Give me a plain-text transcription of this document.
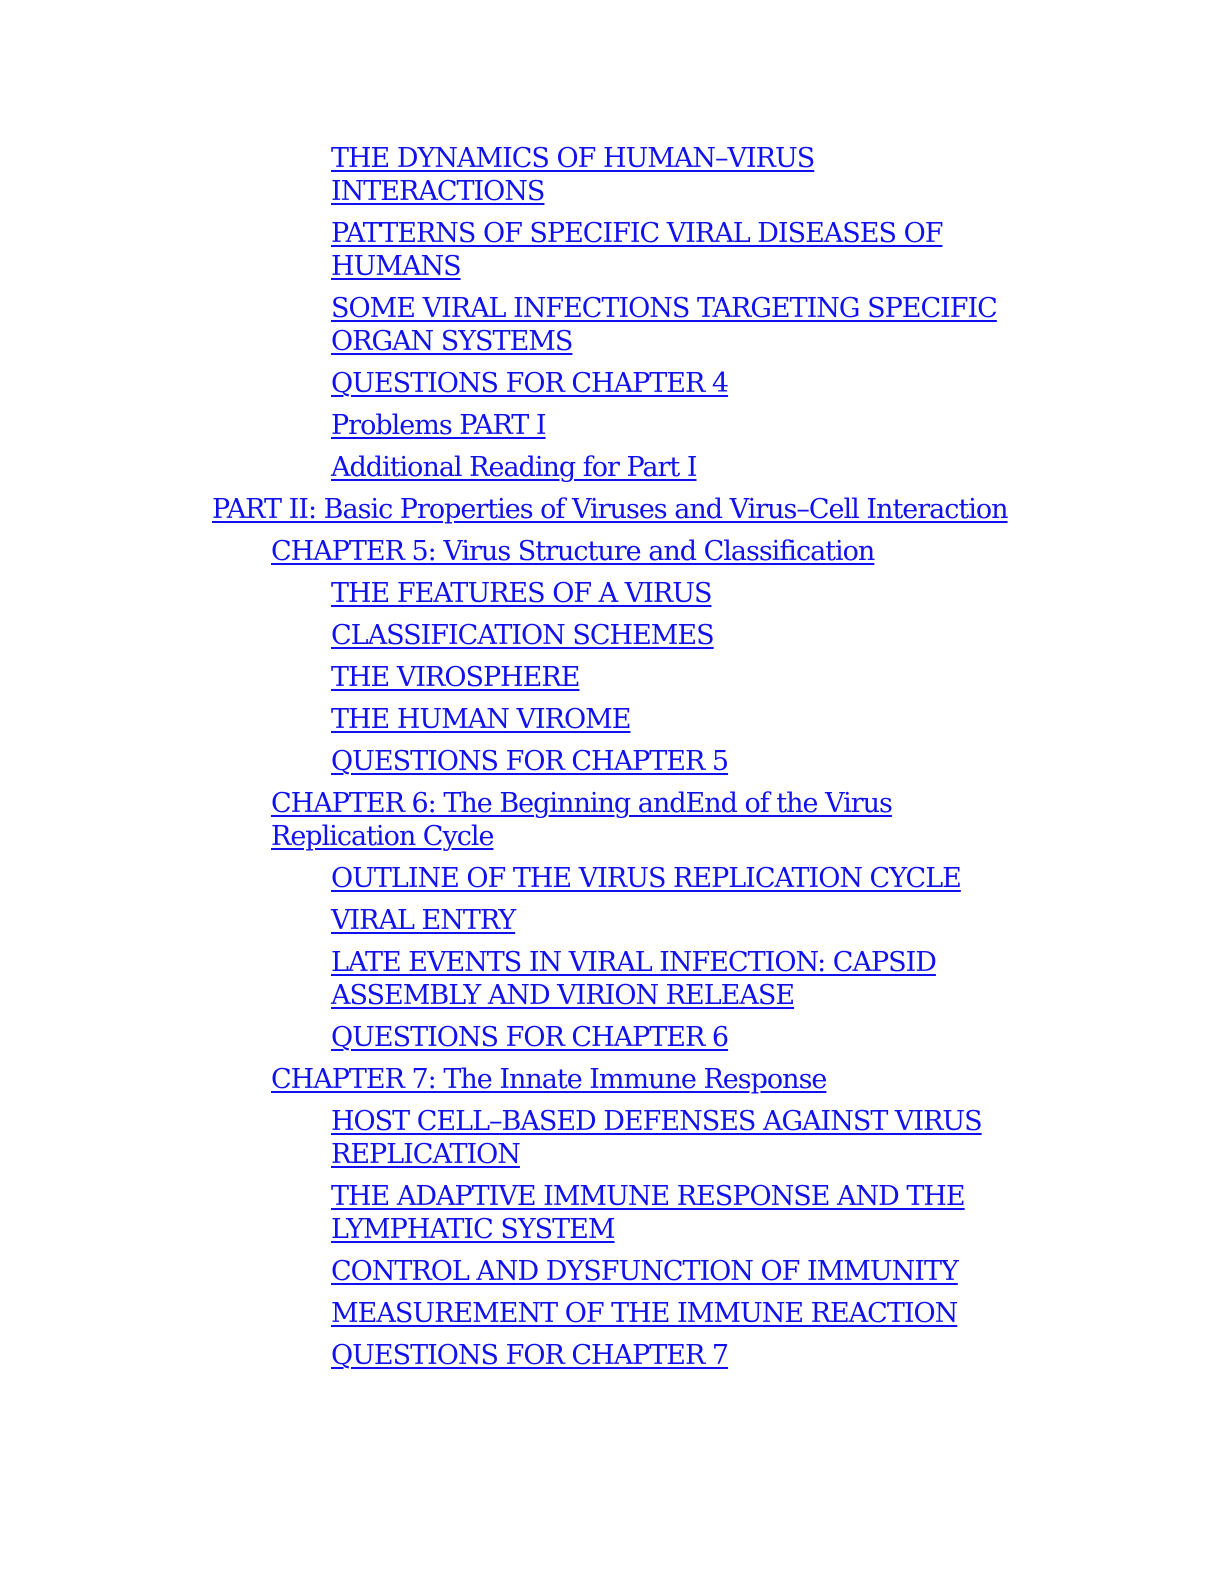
THE DYNAMICS OF HUMAN–VIRUS INTERACTIONS
PATTERNS OF SPECIFIC VIRAL DISEASES OF HUMANS
SOME VIRAL INFECTIONS TARGETING SPECIFIC ORGAN SYSTEMS
QUESTIONS FOR CHAPTER 4
Problems PART I
Additional Reading for Part I
PART II: Basic Properties of Viruses and Virus–Cell Interaction
CHAPTER 5: Virus Structure and Classification
THE FEATURES OF A VIRUS
CLASSIFICATION SCHEMES
THE VIROSPHERE
THE HUMAN VIROME
QUESTIONS FOR CHAPTER 5
CHAPTER 6: The Beginning andEnd of the Virus Replication Cycle
OUTLINE OF THE VIRUS REPLICATION CYCLE
VIRAL ENTRY
LATE EVENTS IN VIRAL INFECTION: CAPSID ASSEMBLY AND VIRION RELEASE
QUESTIONS FOR CHAPTER 6
CHAPTER 7: The Innate Immune Response
HOST CELL–BASED DEFENSES AGAINST VIRUS REPLICATION
THE ADAPTIVE IMMUNE RESPONSE AND THE LYMPHATIC SYSTEM
CONTROL AND DYSFUNCTION OF IMMUNITY
MEASUREMENT OF THE IMMUNE REACTION
QUESTIONS FOR CHAPTER 7
